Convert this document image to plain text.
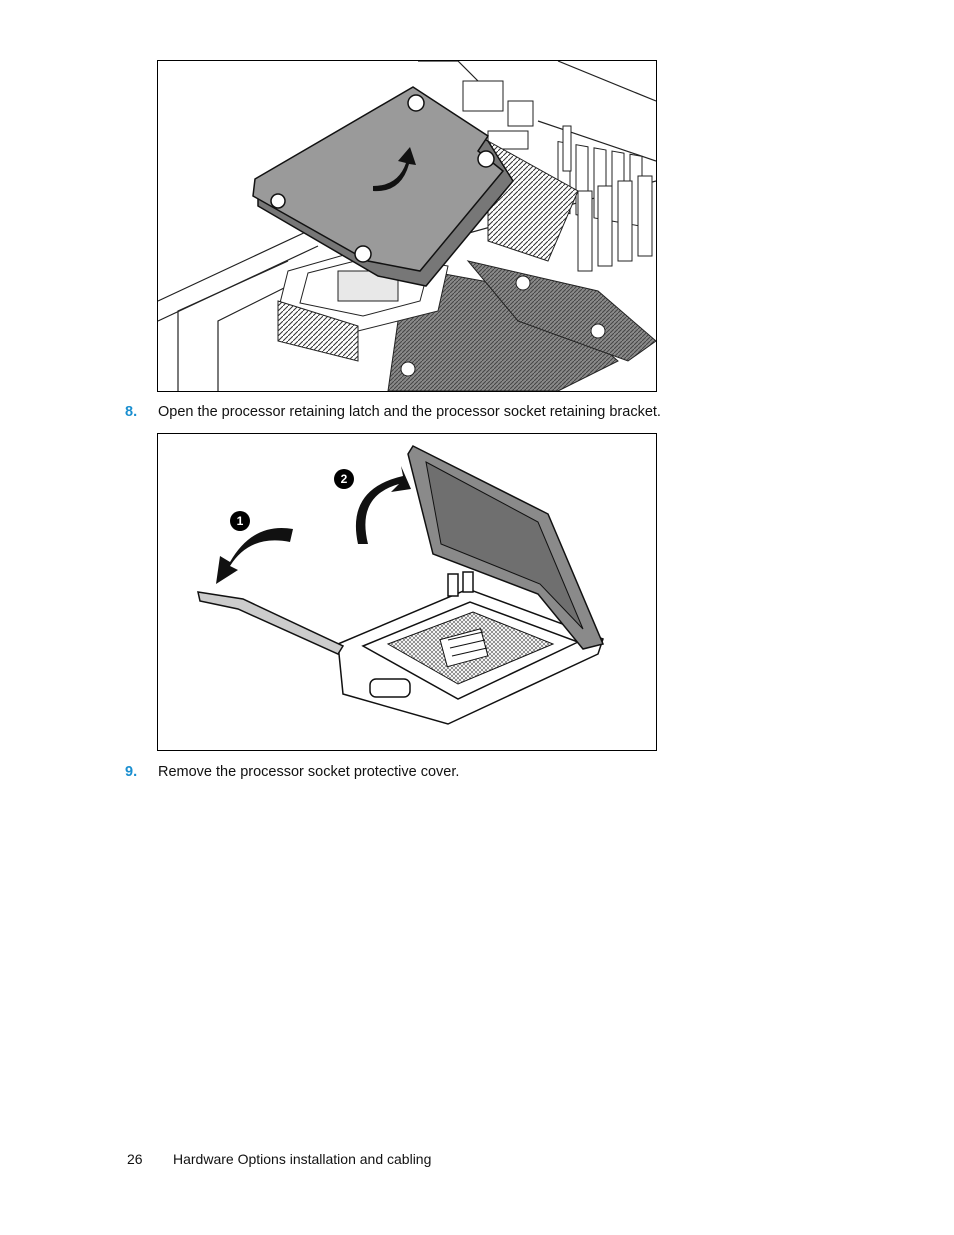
8. Open the processor retaining latch and the processor socket retaining bracket.
1
2
9. Remove the processor socket protective cover.
26 Hardware Options installation and cabling
